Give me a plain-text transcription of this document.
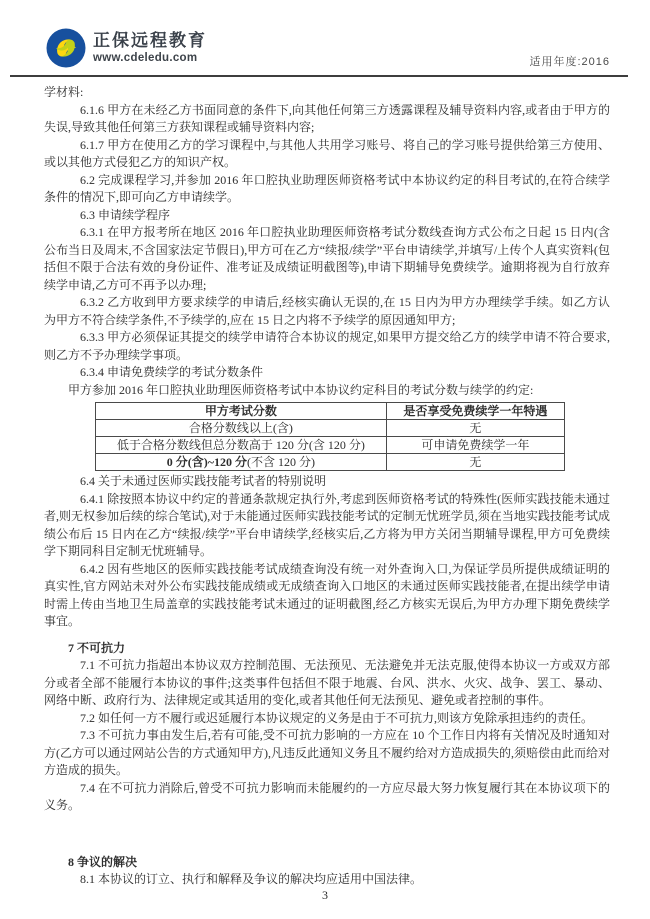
正保远程教育
www.cdeledu.com	适用年度:2016

学材料:

6.1.6 甲方在未经乙方书面同意的条件下,向其他任何第三方透露课程及辅导资料内容,或者由于甲方的失误,导致其他任何第三方获知课程或辅导资料内容;

6.1.7 甲方在使用乙方的学习课程中,与其他人共用学习账号、将自己的学习账号提供给第三方使用、或以其他方式侵犯乙方的知识产权。

6.2 完成课程学习,并参加 2016 年口腔执业助理医师资格考试中本协议约定的科目考试的,在符合续学条件的情况下,即可向乙方申请续学。

6.3 申请续学程序

6.3.1 在甲方报考所在地区 2016 年口腔执业助理医师资格考试分数线查询方式公布之日起 15 日内(含公布当日及周末,不含国家法定节假日),甲方可在乙方“续报/续学”平台申请续学,并填写/上传个人真实资料(包括但不限于合法有效的身份证件、准考证及成绩证明截图等),申请下期辅导免费续学。逾期将视为自行放弃续学申请,乙方可不再予以办理;

6.3.2 乙方收到甲方要求续学的申请后,经核实确认无误的,在 15 日内为甲方办理续学手续。如乙方认为甲方不符合续学条件,不予续学的,应在 15 日之内将不予续学的原因通知甲方;

6.3.3 甲方必须保证其提交的续学申请符合本协议的规定,如果甲方提交给乙方的续学申请不符合要求,则乙方不予办理续学事项。

6.3.4 申请免费续学的考试分数条件

甲方参加 2016 年口腔执业助理医师资格考试中本协议约定科目的考试分数与续学的约定:

甲方考试分数	是否享受免费续学一年特遇
合格分数线以上(含)	无
低于合格分数线但总分数高于 120 分(含 120 分)	可申请免费续学一年
0 分(含)~120 分(不含 120 分)	无

6.4 关于未通过医师实践技能考试者的特别说明

6.4.1 除按照本协议中约定的普通条款规定执行外,考虑到医师资格考试的特殊性(医师实践技能未通过者,则无权参加后续的综合笔试),对于未能通过医师实践技能考试的定制无忧班学员,须在当地实践技能考试成绩公布后 15 日内在乙方“续报/续学”平台申请续学,经核实后,乙方将为甲方关闭当期辅导课程,甲方可免费续学下期同科目定制无忧班辅导。

6.4.2 因有些地区的医师实践技能考试成绩查询没有统一对外查询入口,为保证学员所提供成绩证明的真实性,官方网站未对外公布实践技能成绩或无成绩查询入口地区的未通过医师实践技能者,在提出续学申请时需上传由当地卫生局盖章的实践技能考试未通过的证明截图,经乙方核实无误后,为甲方办理下期免费续学事宜。

7 不可抗力

7.1 不可抗力指超出本协议双方控制范围、无法预见、无法避免并无法克服,使得本协议一方或双方部分或者全部不能履行本协议的事件;这类事件包括但不限于地震、台风、洪水、火灾、战争、罢工、暴动、网络中断、政府行为、法律规定或其适用的变化,或者其他任何无法预见、避免或者控制的事件。

7.2 如任何一方不履行或迟延履行本协议规定的义务是由于不可抗力,则该方免除承担违约的责任。

7.3 不可抗力事由发生后,若有可能,受不可抗力影响的一方应在 10 个工作日内将有关情况及时通知对方(乙方可以通过网站公告的方式通知甲方),凡违反此通知义务且不履约给对方造成损失的,须赔偿由此而给对方造成的损失。

7.4 在不可抗力消除后,曾受不可抗力影响而未能履约的一方应尽最大努力恢复履行其在本协议项下的义务。

8 争议的解决

8.1 本协议的订立、执行和解释及争议的解决均应适用中国法律。

3
